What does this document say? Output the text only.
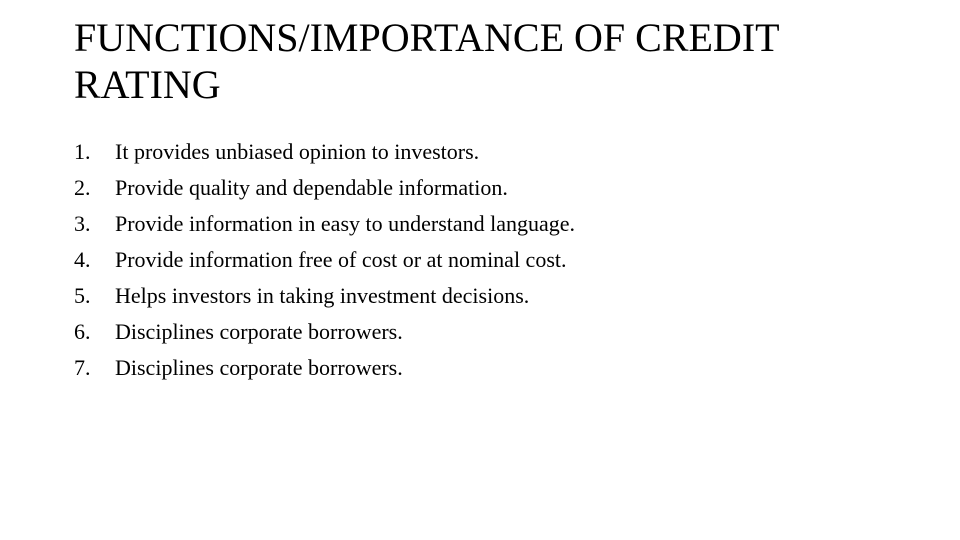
FUNCTIONS/IMPORTANCE OF CREDIT RATING
1.	It provides unbiased opinion to investors.
2.	Provide quality and dependable information.
3.	Provide information in easy to understand language.
4.	Provide information free of cost or at nominal cost.
5.	Helps investors in taking investment decisions.
6.	Disciplines corporate borrowers.
7.	Disciplines corporate borrowers.
